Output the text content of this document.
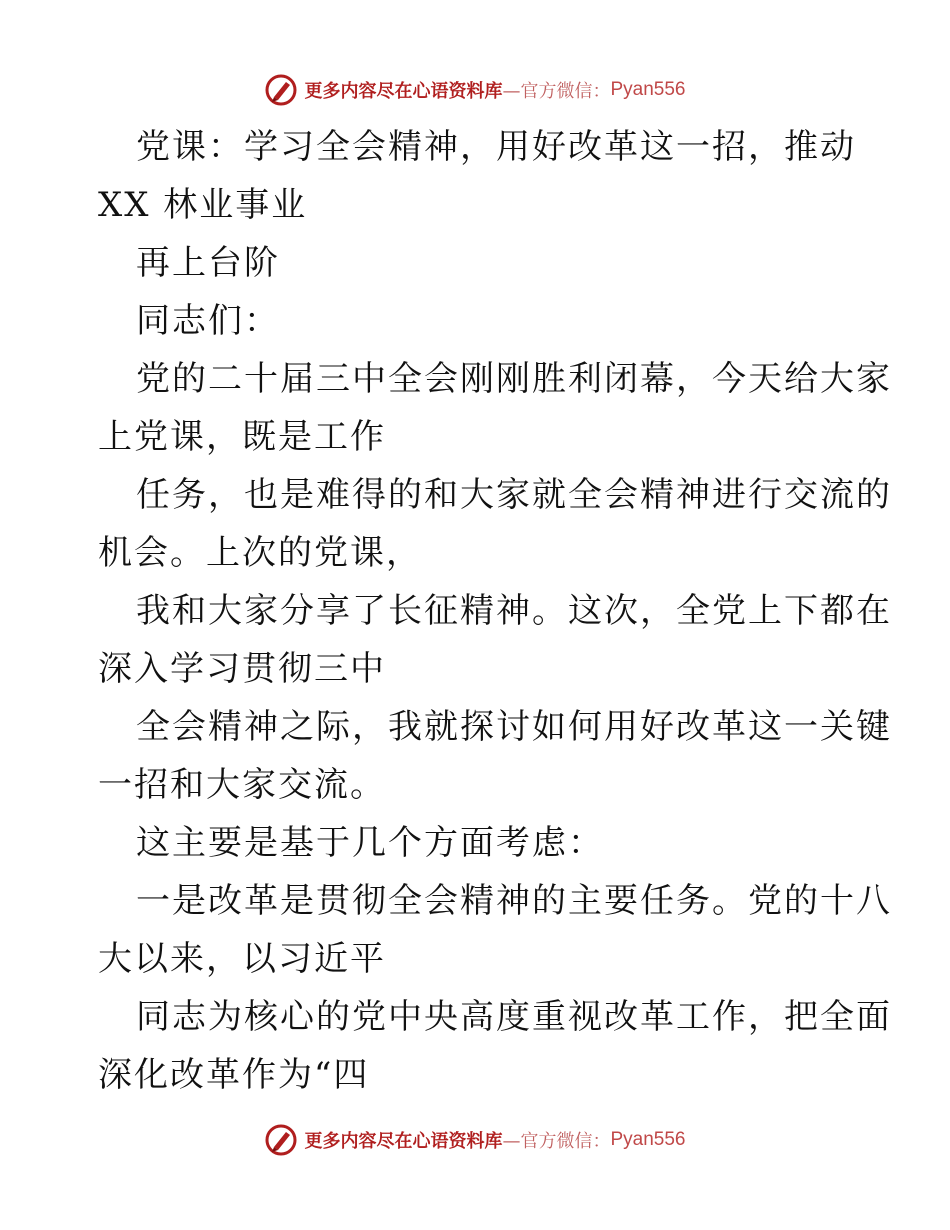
更多内容尽在心语资料库 —官方微信： Pyan556
党课：学习全会精神，用好改革这一招，推动
XX 林业事业
再上台阶
同志们：
党的二十届三中全会刚刚胜利闭幕，今天给大家
上党课，既是工作
任务，也是难得的和大家就全会精神进行交流的
机会。上次的党课，
我和大家分享了长征精神。这次，全党上下都在
深入学习贯彻三中
全会精神之际，我就探讨如何用好改革这一关键
一招和大家交流。
这主要是基于几个方面考虑：
一是改革是贯彻全会精神的主要任务。党的十八
大以来，以习近平
同志为核心的党中央高度重视改革工作，把全面
深化改革作为“四
更多内容尽在心语资料库 —官方微信： Pyan556
